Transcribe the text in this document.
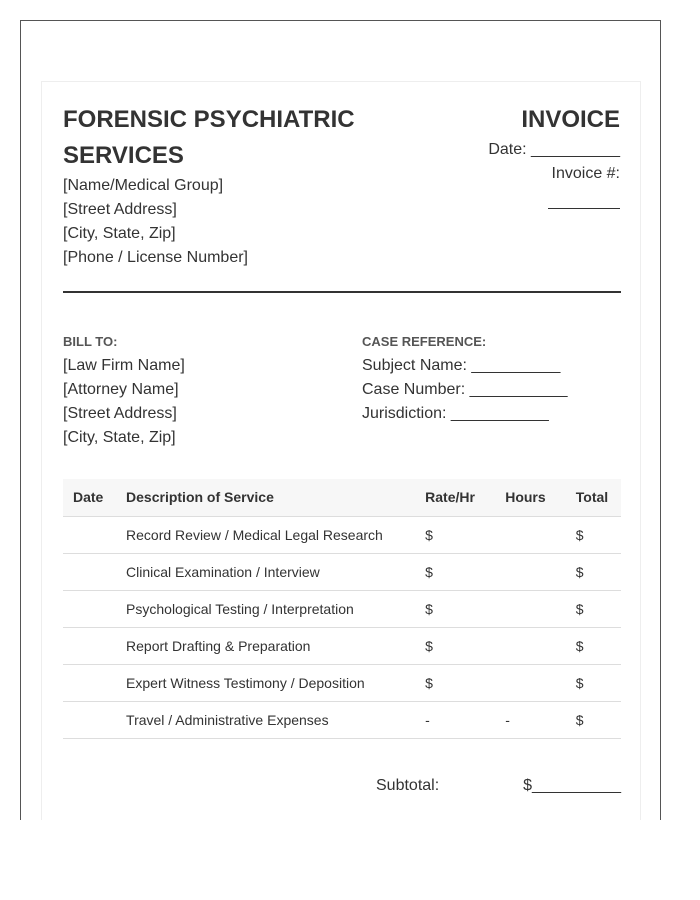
FORENSIC PSYCHIATRIC SERVICES
[Name/Medical Group]
[Street Address]
[City, State, Zip]
[Phone / License Number]
INVOICE
Date: __________
Invoice #:
BILL TO:
[Law Firm Name]
[Attorney Name]
[Street Address]
[City, State, Zip]
CASE REFERENCE:
Subject Name: __________
Case Number: ___________
Jurisdiction: ___________
Date	Description of Service	Rate/Hr	Hours	Total
	Record Review / Medical Legal Research	$		$
	Clinical Examination / Interview	$		$
	Psychological Testing / Interpretation	$		$
	Report Drafting & Preparation	$		$
	Expert Witness Testimony / Deposition	$		$
	Travel / Administrative Expenses	-	-	$
Subtotal:	$__________
